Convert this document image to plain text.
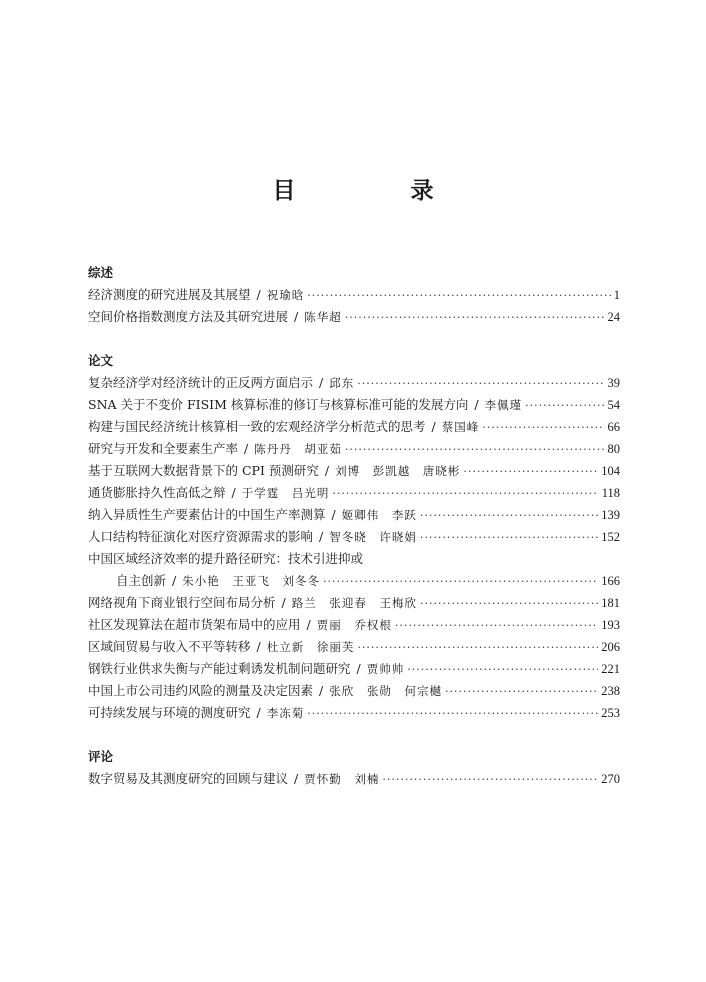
目　录
综述
经济测度的研究进展及其展望 / 祝瑜晗 ·····	1
空间价格指数测度方法及其研究进展 / 陈华超 ·····	24
论文
复杂经济学对经济统计的正反两方面启示 / 邱东 ·····	39
SNA 关于不变价 FISIM 核算标准的修订与核算标准可能的发展方向 / 李佩瑾 ·····	54
构建与国民经济统计核算相一致的宏观经济学分析范式的思考 / 蔡国峰 ·····	66
研究与开发和全要素生产率 / 陈丹丹 胡亚茹 ·····	80
基于互联网大数据背景下的 CPI 预测研究 / 刘博 彭凯越 唐晓彬 ·····	104
通货膨胀持久性高低之辩 / 于学霆 吕光明 ·····	118
纳入异质性生产要素估计的中国生产率测算 / 姬卿伟 李跃 ·····	139
人口结构特征演化对医疗资源需求的影响 / 智冬晓 许晓娟 ·····	152
中国区域经济效率的提升路径研究：技术引进抑或
自主创新 / 朱小艳 王亚飞 刘冬冬 ·····	166
网络视角下商业银行空间布局分析 / 路兰 张迎春 王梅欣 ·····	181
社区发现算法在超市货架布局中的应用 / 贾丽 乔权根 ·····	193
区域间贸易与收入不平等转移 / 杜立新 徐丽芙 ·····	206
钢铁行业供求失衡与产能过剩诱发机制问题研究 / 贾帅帅 ·····	221
中国上市公司违约风险的测量及决定因素 / 张欣 张勋 何宗樾 ·····	238
可持续发展与环境的测度研究 / 李冻菊 ·····	253
评论
数字贸易及其测度研究的回顾与建议 / 贾怀勤 刘楠 ·····	270
